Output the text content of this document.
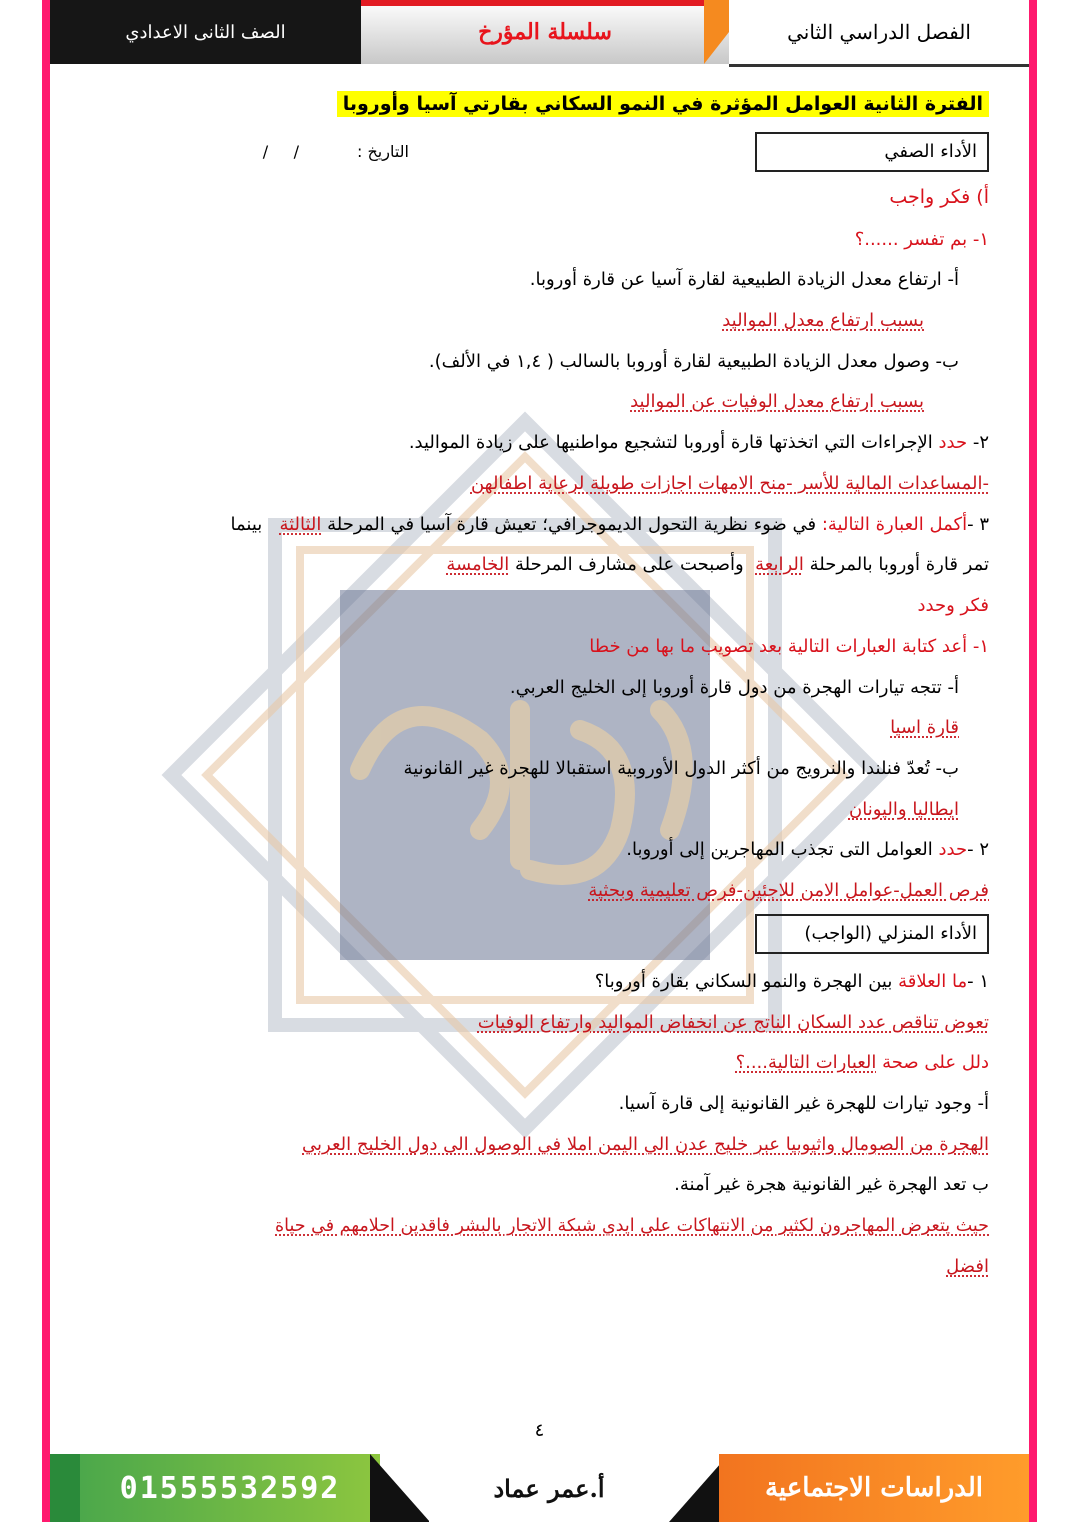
الصف الثانى الاعدادي	سلسلة المؤرخ	الفصل الدراسي الثاني
الفترة الثانية العوامل المؤثرة في النمو السكاني بقارتي آسيا وأوروبا
الأداء الصفي
التاريخ :
/     /
أ) فكر واجب
١- بم تفسر ......؟
أ- ارتفاع معدل الزيادة الطبيعية لقارة آسيا عن قارة أوروبا.
بسبب ارتفاع معدل المواليد
ب- وصول معدل الزيادة الطبيعية لقارة أوروبا بالسالب ( ١,٤ في الألف).
بسبب ارتفاع معدل الوفيات عن المواليد
٢- حدد الإجراءات التي اتخذتها قارة أوروبا لتشجيع مواطنيها على زيادة المواليد.
-المساعدات المالية للأسر -منح الامهات اجازات طويلة لرعاية اطفالهن
٣ -أكمل العبارة التالية: في ضوء نظرية التحول الديموجرافي؛ تعيش قارة آسيا في المرحلة الثالثة   بينما
تمر قارة أوروبا بالمرحلة الرابعة  وأصبحت على مشارف المرحلة الخامسة
فكر وحدد
١- أعد كتابة العبارات التالية بعد تصويب ما بها من خطا
أ- تتجه تيارات الهجرة من دول قارة أوروبا إلى الخليج العربي.
قارة اسيا
ب- تُعدّ فنلندا والنرويج من أكثر الدول الأوروبية استقبالا للهجرة غير القانونية
ايطاليا واليونان
٢ -حدد العوامل التى تجذب المهاجرين إلى أوروبا.
فرص العمل-عوامل الامن للاجئين-فرص تعليمية وبحثية
الأداء المنزلي (الواجب)
١ -ما العلاقة بين الهجرة والنمو السكاني بقارة أوروبا؟
تعوض تناقص عدد السكان الناتج عن انخفاض المواليد وارتفاع الوفيات
دلل على صحة العبارات التالية....؟
أ- وجود تيارات للهجرة غير القانونية إلى قارة آسيا.
الهجرة من الصومال واثيوبيا عبر خليج عدن الي اليمن املا في الوصول الى دول الخليج العربي
ب تعد الهجرة غير القانونية هجرة غير آمنة.
حيث يتعرض المهاجرون لكثير من الانتهاكات على ايدي شبكة الاتجار بالبشر فاقدين احلامهم في حياة
افضل
٤
01555532592	أ.عمر عماد	الدراسات الاجتماعية
